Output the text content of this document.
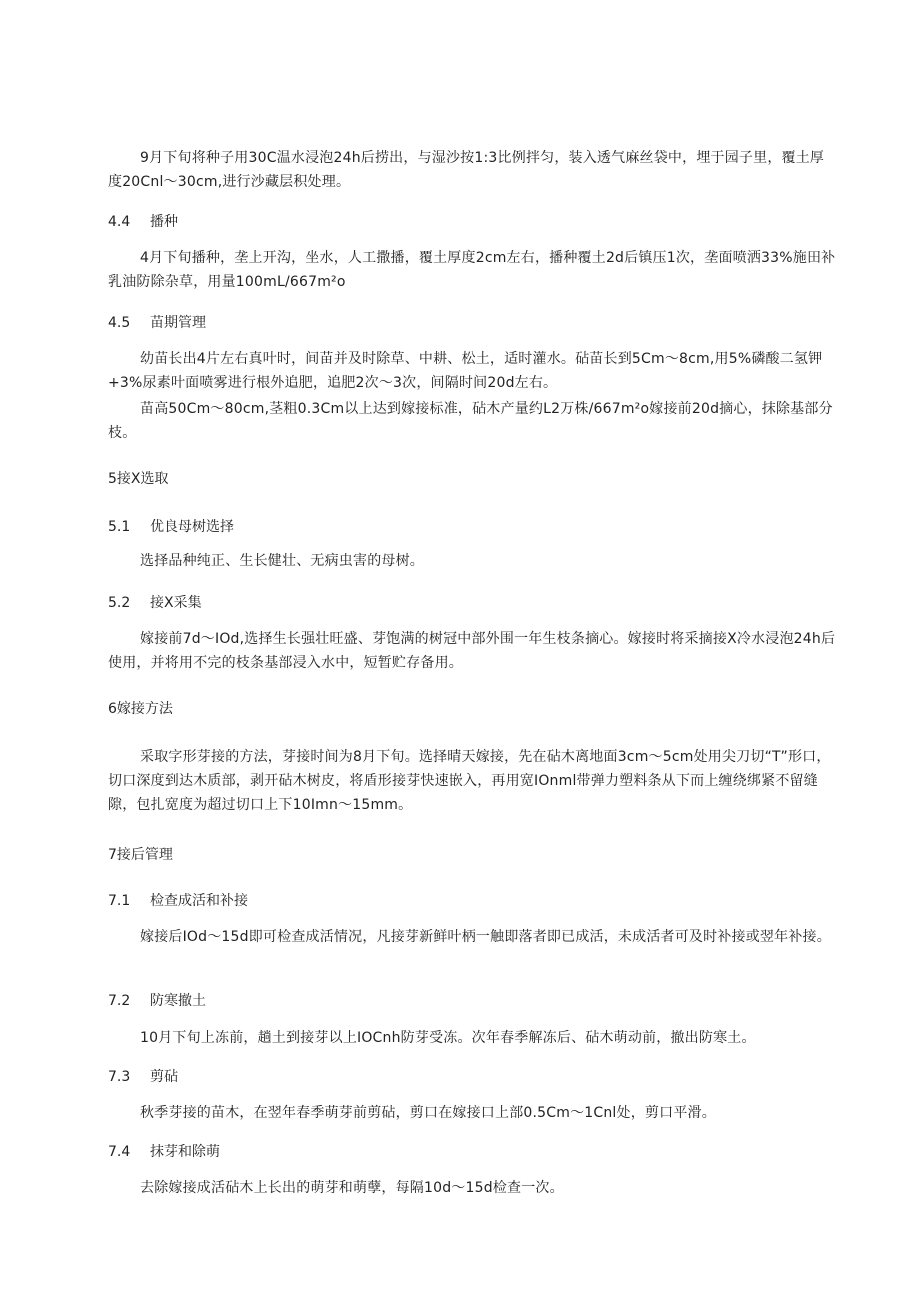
9月下旬将种子用30C温水浸泡24h后捞出，与湿沙按1:3比例拌匀，装入透气麻丝袋中，埋于园子里，覆土厚度20Cnl～30cm,进行沙藏层积处理。

4.4 播种

4月下旬播种，垄上开沟，坐水，人工撒播，覆土厚度2cm左右，播种覆土2d后镇压1次，垄面喷洒33%施田补乳油防除杂草，用量100mL/667m²o

4.5 苗期管理

幼苗长出4片左右真叶时，间苗并及时除草、中耕、松土，适时灌水。砧苗长到5Cm～8cm,用5%磷酸二氢钾+3%尿素叶面喷雾进行根外追肥，追肥2次～3次，间隔时间20d左右。

苗高50Cm～80cm,茎粗0.3Cm以上达到嫁接标准，砧木产量约L2万株/667m²o嫁接前20d摘心，抹除基部分枝。

5接X选取
5.1 优良母树选择

选择品种纯正、生长健壮、无病虫害的母树。

5.2 接X采集

嫁接前7d～IOd,选择生长强壮旺盛、芽饱满的树冠中部外围一年生枝条摘心。嫁接时将采摘接X冷水浸泡24h后使用，并将用不完的枝条基部浸入水中，短暂贮存备用。

6嫁接方法

采取字形芽接的方法，芽接时间为8月下旬。选择晴天嫁接，先在砧木离地面3cm～5cm处用尖刀切“T”形口，切口深度到达木质部，剥开砧木树皮，将盾形接芽快速嵌入，再用宽IOnml带弹力塑料条从下而上缠绕绑紧不留缝隙，包扎宽度为超过切口上下10Imn～15mm。

7接后管理
7.1 检查成活和补接

嫁接后IOd～15d即可检查成活情况，凡接芽新鲜叶柄一触即落者即已成活，未成活者可及时补接或翌年补接。

7.2 防寒撤土

10月下旬上冻前，趟土到接芽以上IOCnh防芽受冻。次年春季解冻后、砧木萌动前，撤出防寒土。

7.3 剪砧

秋季芽接的苗木，在翌年春季萌芽前剪砧，剪口在嫁接口上部0.5Cm～1Cnl处，剪口平滑。

7.4 抹芽和除萌

去除嫁接成活砧木上长出的萌芽和萌孽，每隔10d～15d检查一次。
